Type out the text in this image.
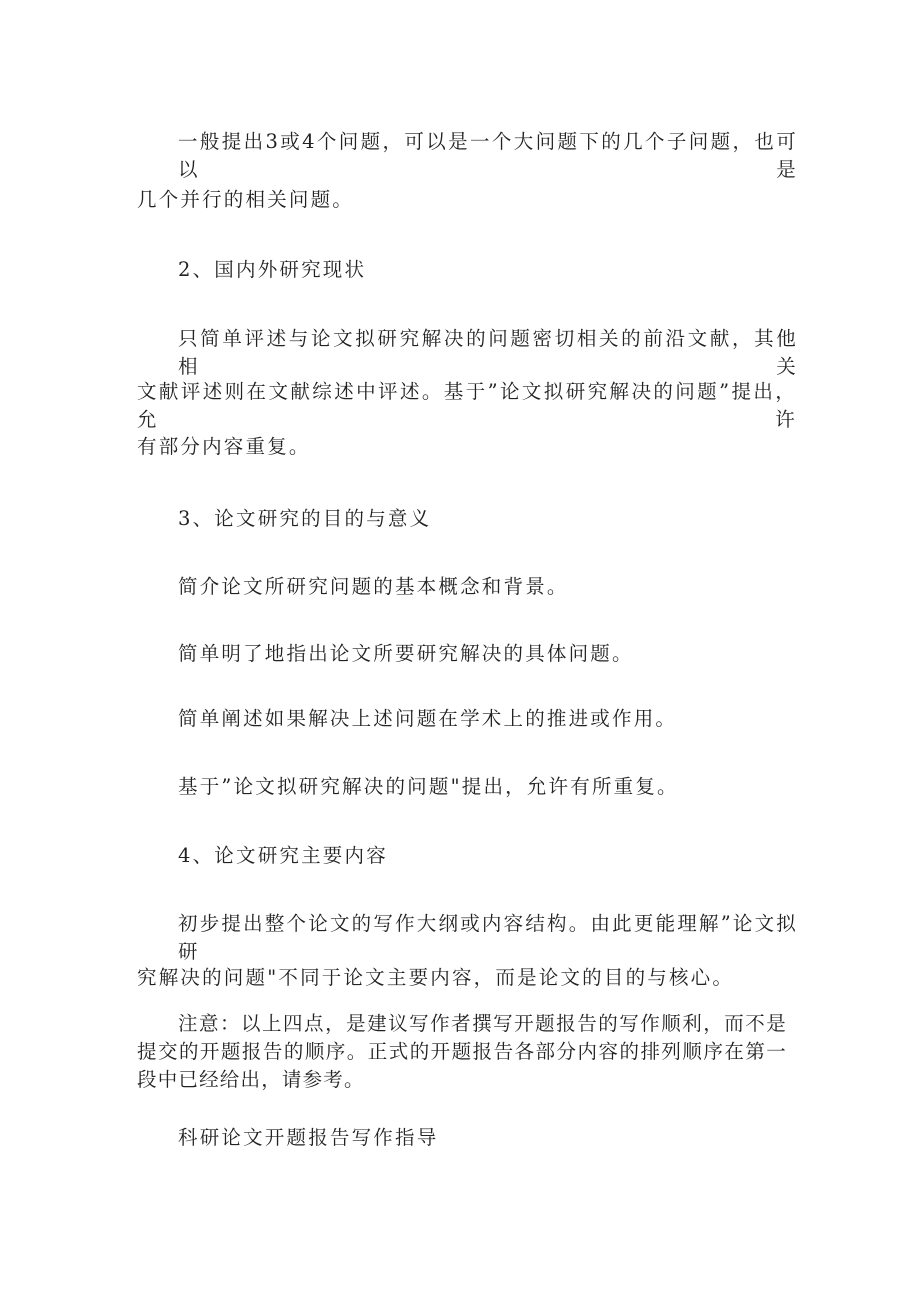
一般提出3或4个问题，可以是一个大问题下的几个子问题，也可以是
几个并行的相关问题。
2、国内外研究现状
只简单评述与论文拟研究解决的问题密切相关的前沿文献，其他相关
文献评述则在文献综述中评述。基于”论文拟研究解决的问题”提出，允许
有部分内容重复。
3、论文研究的目的与意义
简介论文所研究问题的基本概念和背景。
简单明了地指出论文所要研究解决的具体问题。
简单阐述如果解决上述问题在学术上的推进或作用。
基于”论文拟研究解决的问题"提出，允许有所重复。
4、论文研究主要内容
初步提出整个论文的写作大纲或内容结构。由此更能理解”论文拟研
究解决的问题"不同于论文主要内容，而是论文的目的与核心。
注意：以上四点，是建议写作者撰写开题报告的写作顺利，而不是提交的开题报告的顺序。正式的开题报告各部分内容的排列顺序在第一段中已经给出，请参考。
科研论文开题报告写作指导
